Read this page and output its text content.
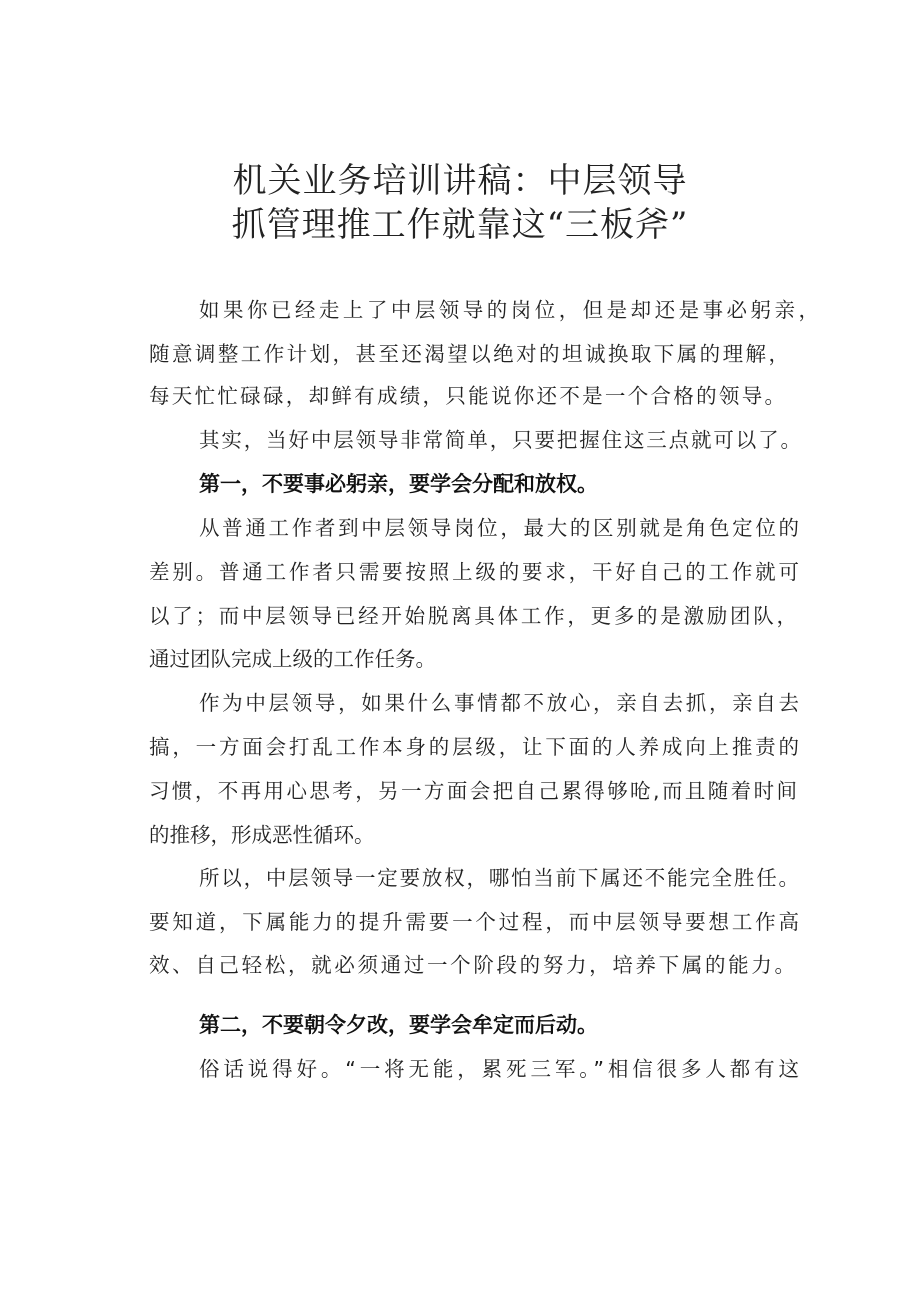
机关业务培训讲稿：中层领导
抓管理推工作就靠这“三板斧”
如果你已经走上了中层领导的岗位，但是却还是事必躬亲，
随意调整工作计划，甚至还渴望以绝对的坦诚换取下属的理解，
每天忙忙碌碌，却鲜有成绩，只能说你还不是一个合格的领导。
其实，当好中层领导非常简单，只要把握住这三点就可以了。
第一，不要事必躬亲，要学会分配和放权。
从普通工作者到中层领导岗位，最大的区别就是角色定位的
差别。普通工作者只需要按照上级的要求，干好自己的工作就可
以了；而中层领导已经开始脱离具体工作，更多的是激励团队，
通过团队完成上级的工作任务。
作为中层领导，如果什么事情都不放心，亲自去抓，亲自去
搞，一方面会打乱工作本身的层级，让下面的人养成向上推责的
习惯，不再用心思考，另一方面会把自己累得够呛,而且随着时间
的推移，形成恶性循环。
所以，中层领导一定要放权，哪怕当前下属还不能完全胜任。
要知道，下属能力的提升需要一个过程，而中层领导要想工作高
效、自己轻松，就必须通过一个阶段的努力，培养下属的能力。
第二，不要朝令夕改，要学会牟定而后动。
俗话说得好。“一将无能，累死三军。”相信很多人都有这
